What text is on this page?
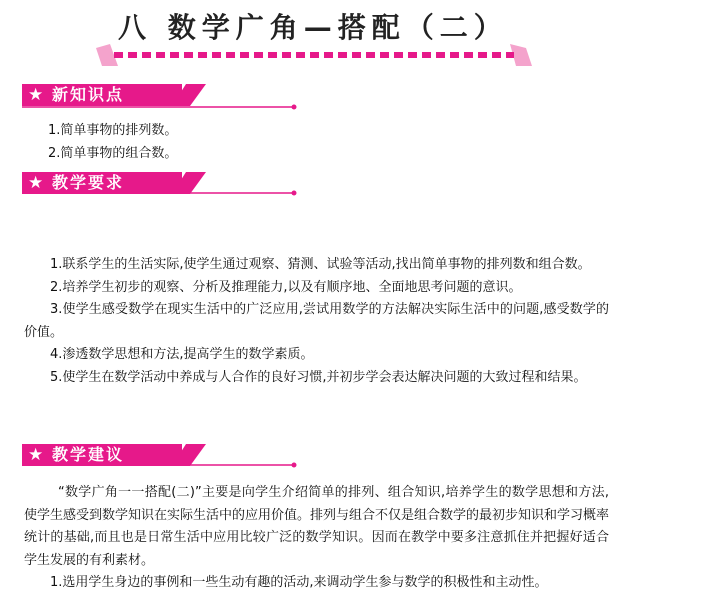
八 数学广角—搭配（二）
★ 新知识点
1.简单事物的排列数。
2.简单事物的组合数。
★ 教学要求

1.联系学生的生活实际,使学生通过观察、猜测、试验等活动,找出简单事物的排列数和组合数。

2.培养学生初步的观察、分析及推理能力,以及有顺序地、全面地思考问题的意识。

3.使学生感受数学在现实生活中的广泛应用,尝试用数学的方法解决实际生活中的问题,感受数学的价值。

4.渗透数学思想和方法,提高学生的数学素质。

5.使学生在数学活动中养成与人合作的良好习惯,并初步学会表达解决问题的大致过程和结果。

★ 教学建议

“数学广角一一搭配(二)”主要是向学生介绍简单的排列、组合知识,培养学生的数学思想和方法,使学生感受到数学知识在实际生活中的应用价值。排列与组合不仅是组合数学的最初步知识和学习概率统计的基础,而且也是日常生活中应用比较广泛的数学知识。因而在教学中要多注意抓住并把握好适合学生发展的有利素材。

1.选用学生身边的事例和一些生动有趣的活动,来调动学生参与数学的积极性和主动性。
